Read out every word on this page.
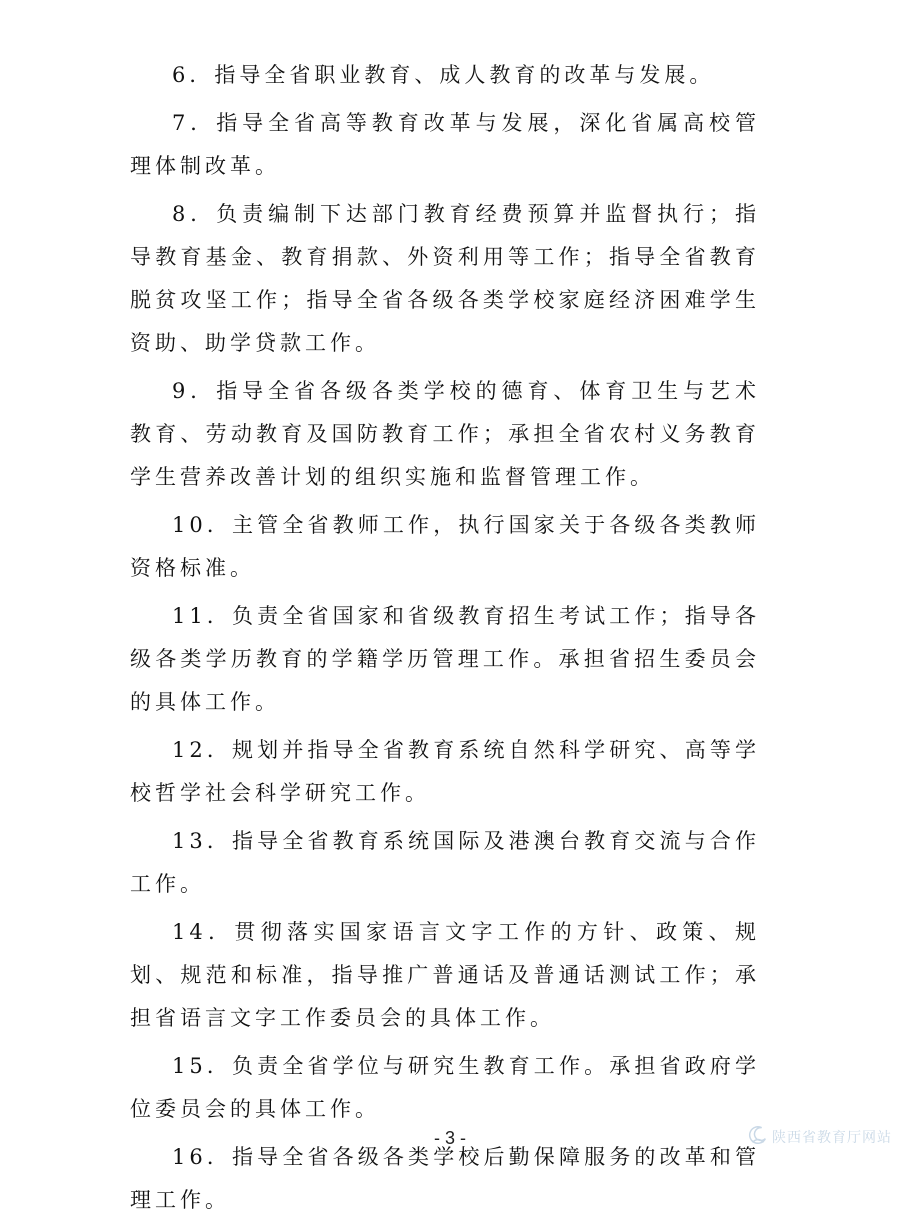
6．指导全省职业教育、成人教育的改革与发展。

7．指导全省高等教育改革与发展，深化省属高校管理体制改革。

8．负责编制下达部门教育经费预算并监督执行；指导教育基金、教育捐款、外资利用等工作；指导全省教育脱贫攻坚工作；指导全省各级各类学校家庭经济困难学生资助、助学贷款工作。

9．指导全省各级各类学校的德育、体育卫生与艺术教育、劳动教育及国防教育工作；承担全省农村义务教育学生营养改善计划的组织实施和监督管理工作。

10．主管全省教师工作，执行国家关于各级各类教师资格标准。

11．负责全省国家和省级教育招生考试工作；指导各级各类学历教育的学籍学历管理工作。承担省招生委员会的具体工作。

12．规划并指导全省教育系统自然科学研究、高等学校哲学社会科学研究工作。

13．指导全省教育系统国际及港澳台教育交流与合作工作。

14．贯彻落实国家语言文字工作的方针、政策、规划、规范和标准，指导推广普通话及普通话测试工作；承担省语言文字工作委员会的具体工作。

15．负责全省学位与研究生教育工作。承担省政府学位委员会的具体工作。

16．指导全省各级各类学校后勤保障服务的改革和管理工作。

- 3 -	陕西省教育厅网站
